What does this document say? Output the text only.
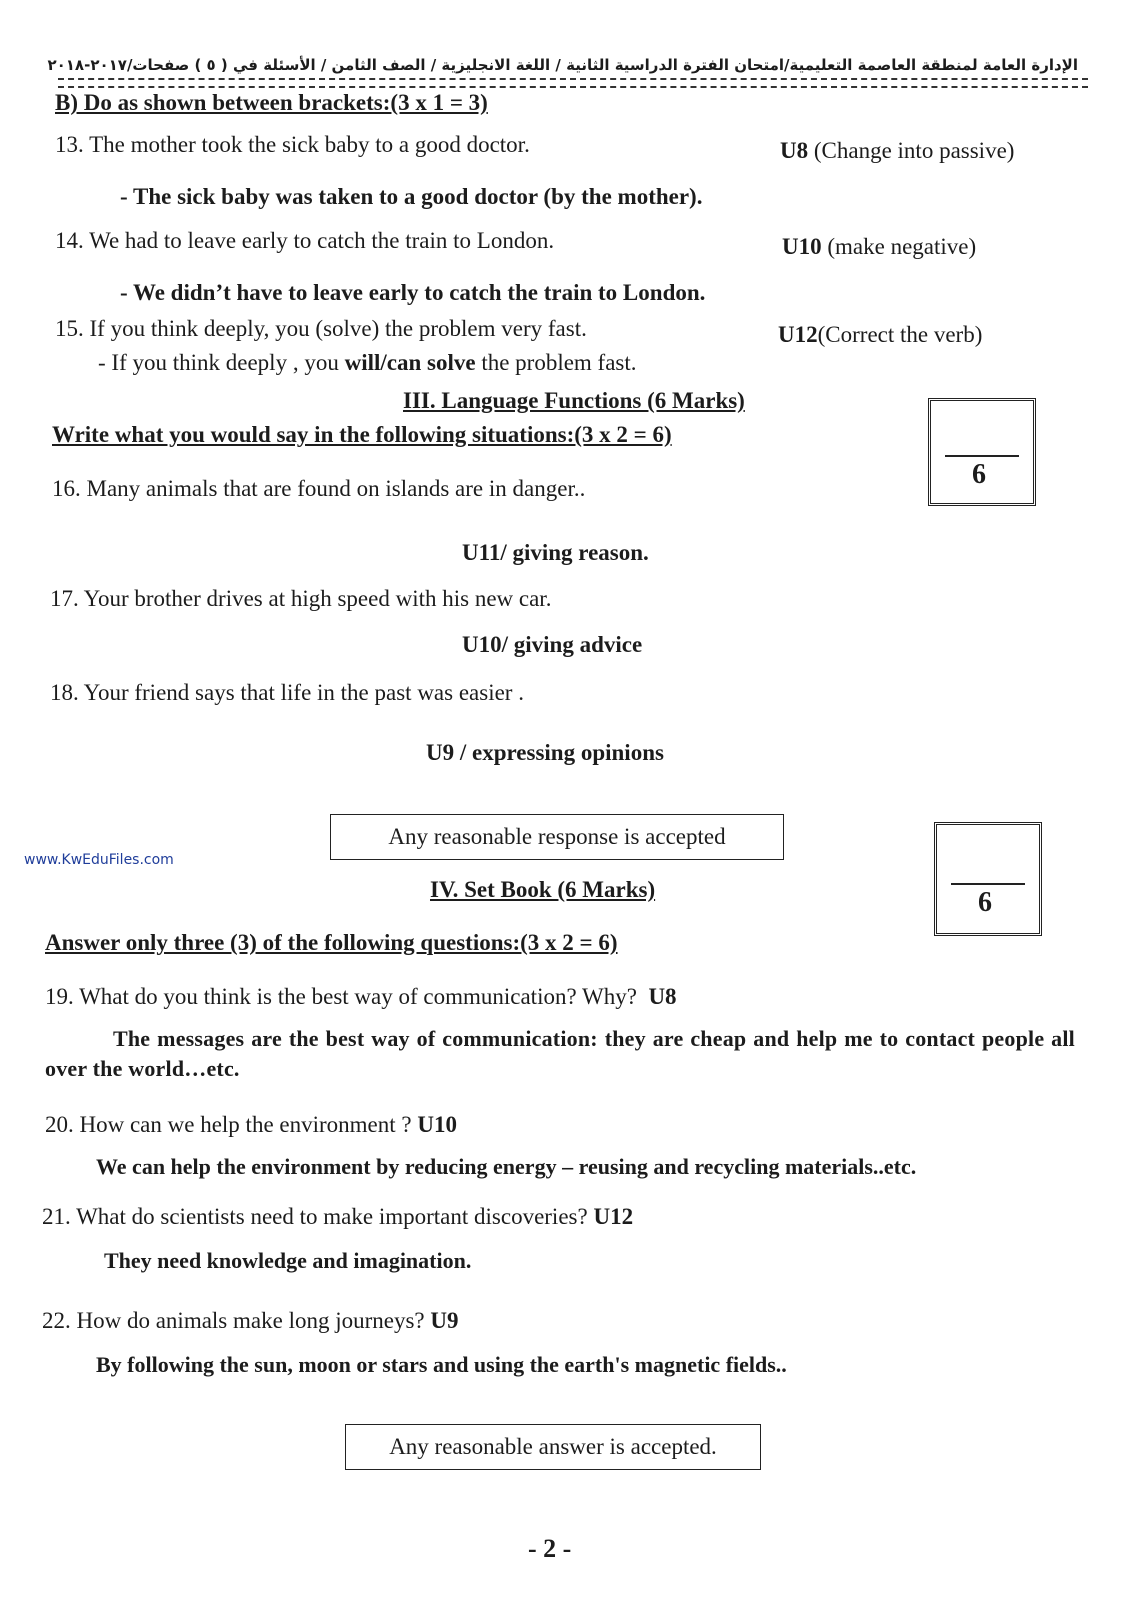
الإدارة العامة لمنطقة العاصمة التعليمية/امتحان الفترة الدراسية الثانية / اللغة الانجليزية / الصف الثامن / الأسئلة في ( ٥ ) صفحات/٢٠١٧-٢٠١٨
B) Do as shown between brackets:(3 x 1 = 3)
13. The mother took the sick baby to a good doctor.	U8 (Change into passive)
- The sick baby was taken to a good doctor (by the mother).
14. We had to leave early to catch the train to London.	U10 (make negative)
- We didn’t have to leave early to catch the train to London.
15. If you think deeply, you (solve) the problem very fast.	U12(Correct the verb)
- If you think deeply , you will/can solve the problem fast.
III. Language Functions (6 Marks)
Write what you would say in the following situations:(3 x 2 = 6)
6
16. Many animals that are found on islands are in danger..
U11/ giving reason.
17. Your brother drives at high speed with his new car.
U10/ giving advice
18. Your friend says that life in the past was easier .
U9 / expressing opinions
Any reasonable response is accepted
www.KwEduFiles.com
IV. Set Book (6 Marks)	6
Answer only three (3) of the following questions:(3 x 2 = 6)
19. What do you think is the best way of communication? Why? U8
The messages are the best way of communication: they are cheap and help me to contact people all over the world…etc.
20. How can we help the environment ? U10
We can help the environment by reducing energy – reusing and recycling materials..etc.
21. What do scientists need to make important discoveries? U12
They need knowledge and imagination.
22. How do animals make long journeys? U9
By following the sun, moon or stars and using the earth's magnetic fields..
Any reasonable answer is accepted.
- 2 -
